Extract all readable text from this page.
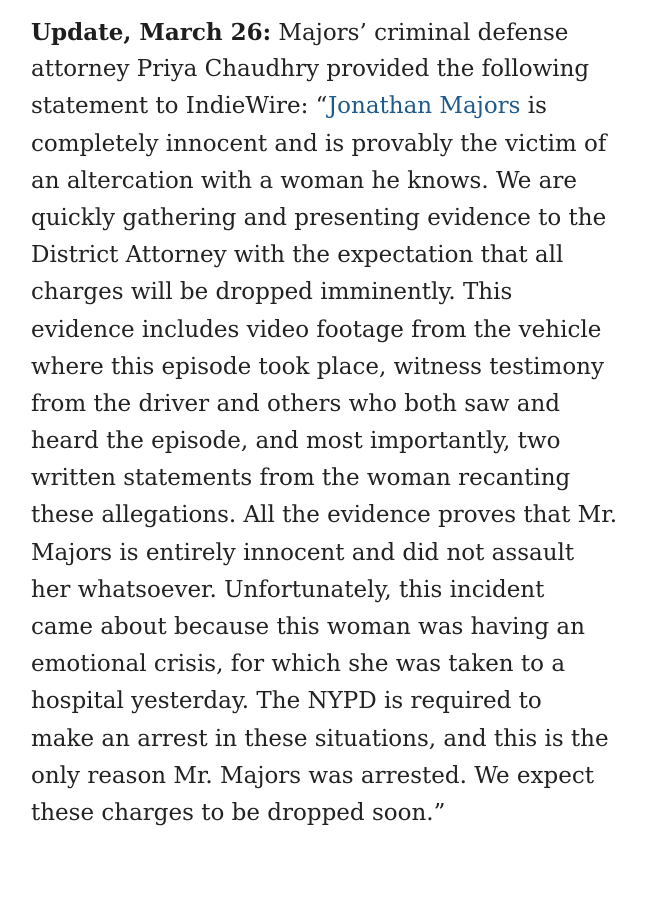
Update, March 26: Majors’ criminal defense
attorney Priya Chaudhry provided the following
statement to IndieWire: “Jonathan Majors is
completely innocent and is provably the victim of
an altercation with a woman he knows. We are
quickly gathering and presenting evidence to the
District Attorney with the expectation that all
charges will be dropped imminently. This
evidence includes video footage from the vehicle
where this episode took place, witness testimony
from the driver and others who both saw and
heard the episode, and most importantly, two
written statements from the woman recanting
these allegations. All the evidence proves that Mr.
Majors is entirely innocent and did not assault
her whatsoever. Unfortunately, this incident
came about because this woman was having an
emotional crisis, for which she was taken to a
hospital yesterday. The NYPD is required to
make an arrest in these situations, and this is the
only reason Mr. Majors was arrested. We expect
these charges to be dropped soon.”
